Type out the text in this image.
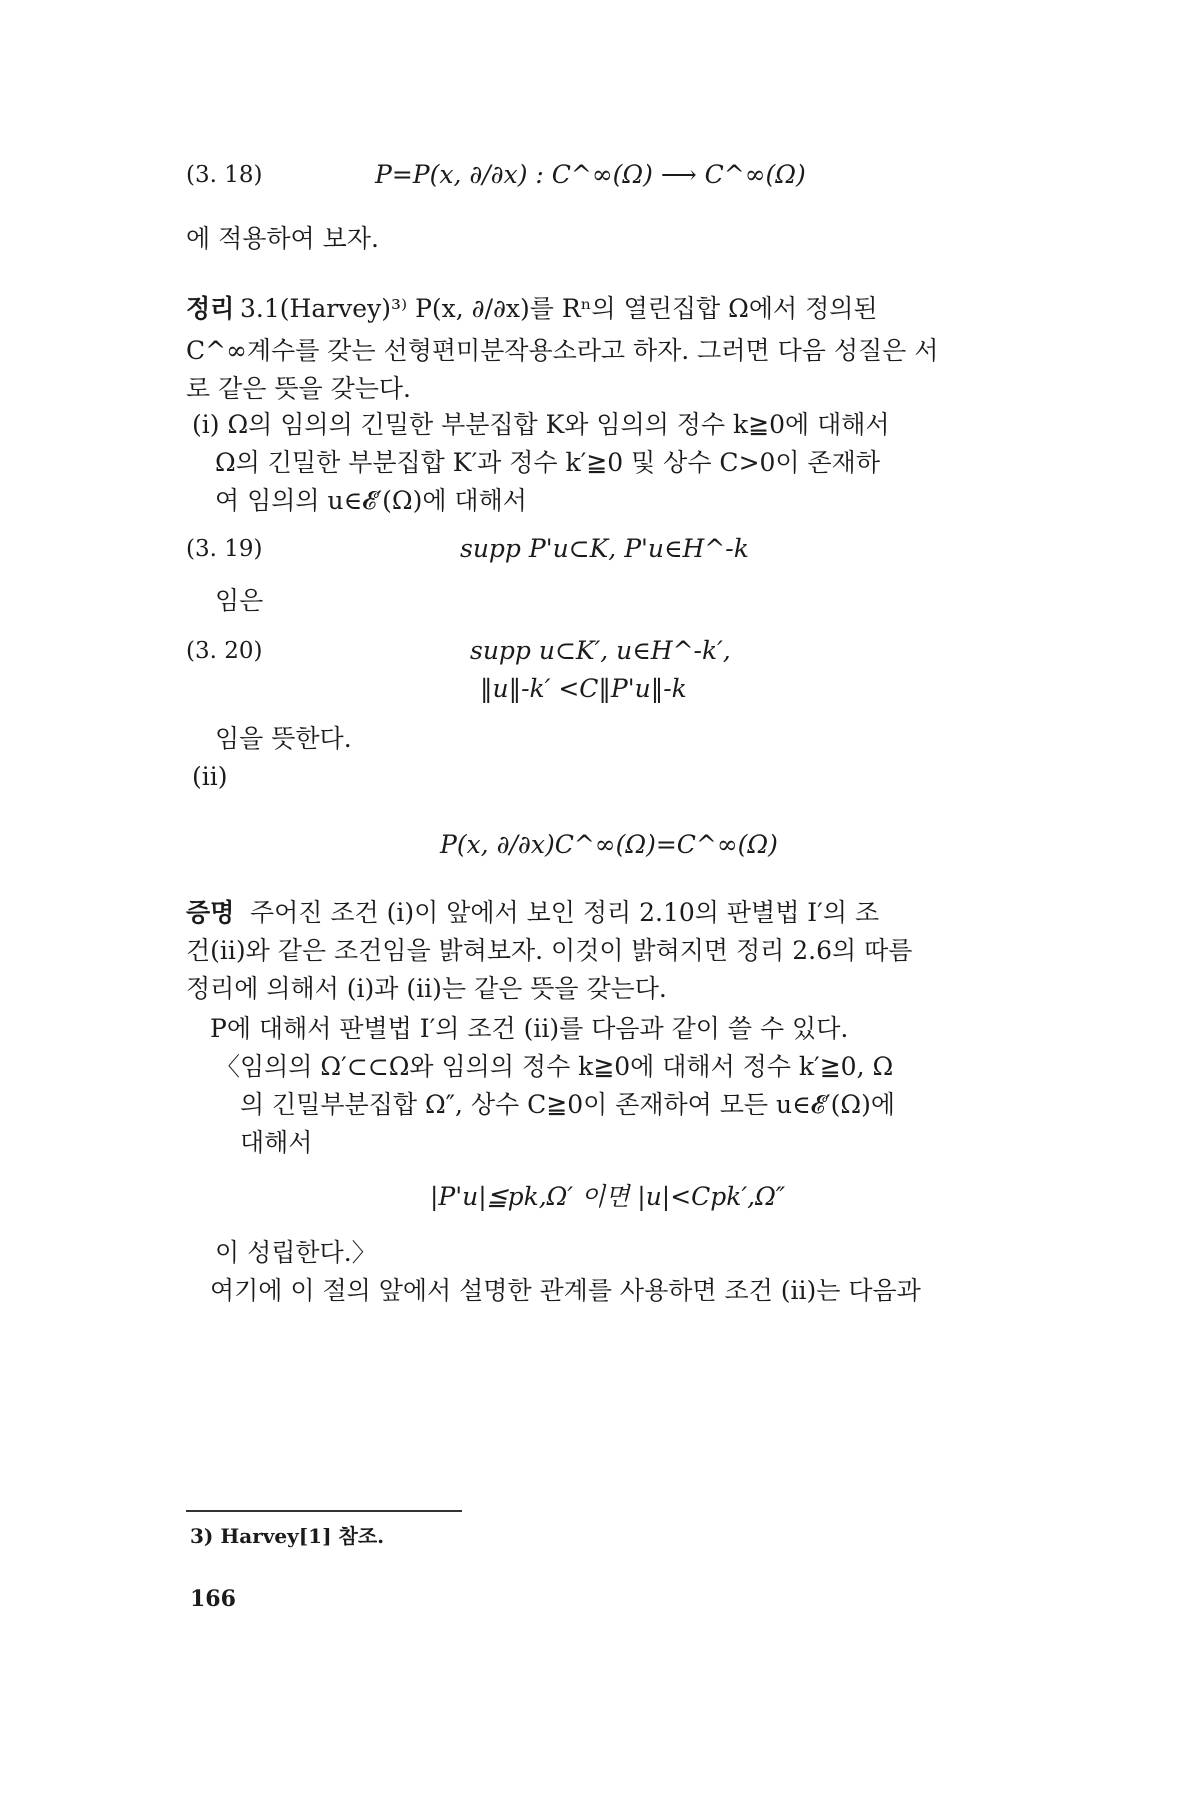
(3. 18)	P=P(x, ∂/∂x) : C^∞(Ω) ⟶ C^∞(Ω)
에 적용하여 보자.
정리 3.1(Harvey)³⁾ P(x, ∂/∂x)를 Rⁿ의 열린집합 Ω에서 정의된
C^∞계수를 갖는 선형편미분작용소라고 하자. 그러면 다음 성질은 서
로 같은 뜻을 갖는다.
(i) Ω의 임의의 긴밀한 부분집합 K와 임의의 정수 k≧0에 대해서
Ω의 긴밀한 부분집합 K′과 정수 k′≧0 및 상수 C>0이 존재하
여 임의의 u∈𝓔′(Ω)에 대해서
(3. 19)	supp P'u⊂K, P'u∈H^-k
임은
(3. 20)	supp u⊂K′, u∈H^-k′,
‖u‖-k′ <C‖P'u‖-k
임을 뜻한다.
(ii)
P(x, ∂/∂x)C^∞(Ω)=C^∞(Ω)
증명 주어진 조건 (i)이 앞에서 보인 정리 2.10의 판별법 Ⅰ′의 조
건(ii)와 같은 조건임을 밝혀보자. 이것이 밝혀지면 정리 2.6의 따름
정리에 의해서 (i)과 (ii)는 같은 뜻을 갖는다.
P에 대해서 판별법 Ⅰ′의 조건 (ii)를 다음과 같이 쓸 수 있다.
〈임의의 Ω′⊂⊂Ω와 임의의 정수 k≧0에 대해서 정수 k′≧0, Ω
의 긴밀부분집합 Ω″, 상수 C≧0이 존재하여 모든 u∈𝓔′(Ω)에
대해서
|P'u|≦pk,Ω′ 이면 |u|<Cpk′,Ω″
이 성립한다.〉
여기에 이 절의 앞에서 설명한 관계를 사용하면 조건 (ii)는 다음과
3) Harvey[1] 참조.
166
